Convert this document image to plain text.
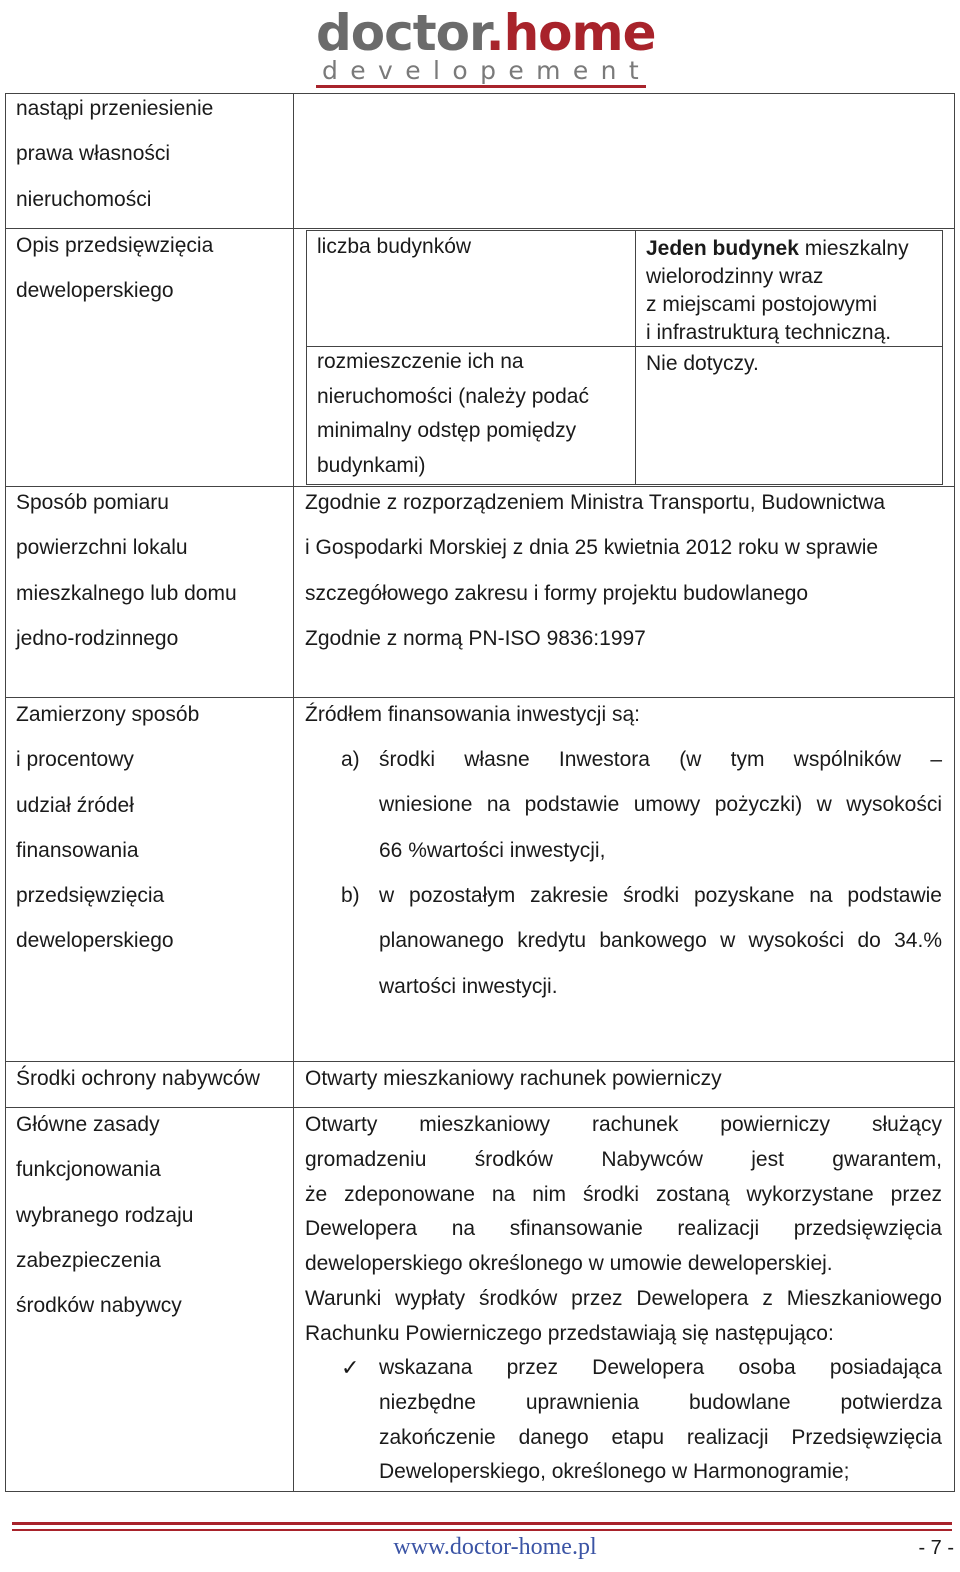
doctor.home
developement
nastąpi przeniesienie
prawa własności
nieruchomości
Opis przedsięwzięcia
deweloperskiego
liczba budynków	Jeden budynek mieszkalny
wielorodzinny wraz
z miejscami postojowymi
i infrastrukturą techniczną.
rozmieszczenie ich na
nieruchomości (należy podać
minimalny odstęp pomiędzy
budynkami)
Nie dotyczy.
Sposób pomiaru
powierzchni lokalu
mieszkalnego lub domu
jedno-rodzinnego
Zgodnie z rozporządzeniem Ministra Transportu, Budownictwa
i Gospodarki Morskiej z dnia 25 kwietnia 2012 roku w sprawie
szczegółowego zakresu i formy projektu budowlanego
Zgodnie z normą PN-ISO 9836:1997
Zamierzony sposób
i procentowy
udział źródeł
finansowania
przedsięwzięcia
deweloperskiego
Źródłem finansowania inwestycji są:
a) środki własne Inwestora (w tym wspólników –
wniesione na podstawie umowy pożyczki) w wysokości
66 %wartości inwestycji,
b) w pozostałym zakresie środki pozyskane na podstawie
planowanego kredytu bankowego w wysokości do 34.%
wartości inwestycji.
Środki ochrony nabywców Otwarty mieszkaniowy rachunek powierniczy
Główne zasady
funkcjonowania
wybranego rodzaju
zabezpieczenia
środków nabywcy
Otwarty mieszkaniowy rachunek powierniczy służący
gromadzeniu środków Nabywców jest gwarantem,
że zdeponowane na nim środki zostaną wykorzystane przez
Dewelopera na sfinansowanie realizacji przedsięwzięcia
deweloperskiego określonego w umowie deweloperskiej.
Warunki wypłaty środków przez Dewelopera z Mieszkaniowego
Rachunku Powierniczego przedstawiają się następująco:
✓ wskazana przez Dewelopera osoba posiadająca
niezbędne uprawnienia budowlane potwierdza
zakończenie danego etapu realizacji Przedsięwzięcia
Deweloperskiego, określonego w Harmonogramie;
www.doctor-home.pl	- 7 -
